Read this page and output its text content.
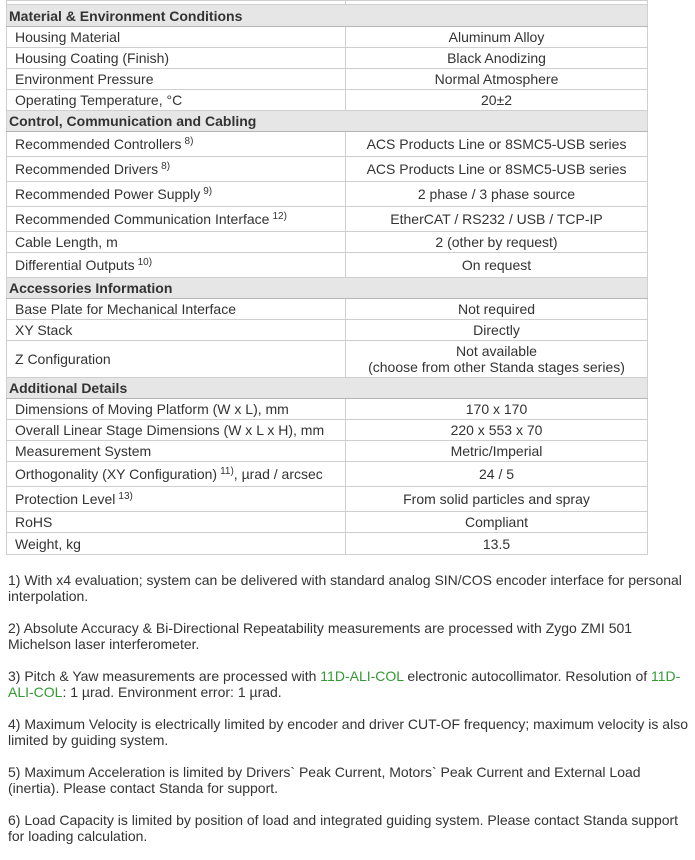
Material & Environment Conditions	
Housing Material	Aluminum Alloy
Housing Coating (Finish)	Black Anodizing
Environment Pressure	Normal Atmosphere
Operating Temperature, °C	20±2
Control, Communication and Cabling	
Recommended Controllers $^{8)}$	ACS Products Line or 8SMC5-USB series
Recommended Drivers $^{8)}$	ACS Products Line or 8SMC5-USB series
Recommended Power Supply $^{9)}$	2 phase / 3 phase source
Recommended Communication Interface $^{12)}$	EtherCAT / RS232 / USB / TCP-IP
Cable Length, m	2 (other by request)
Differential Outputs $^{10)}$	On request
Accessories Information	
Base Plate for Mechanical Interface	Not required
XY Stack	Directly
Z Configuration	Not available
(choose from other Standa stages series)

Additional Details	
Dimensions of Moving Platform (W x L), mm	170 x 170
Overall Linear Stage Dimensions (W x L x H), mm	220 x 553 x 70
Measurement System	Metric/Imperial
Orthogonality (XY Configuration) $^{11)}$, µrad / arcsec	24 / 5
Protection Level $^{13)}$	From solid particles and spray
RoHS	Compliant
Weight, kg	13.5

1) With x4 evaluation; system can be delivered with standard analog SIN/COS encoder interface for personal interpolation.

2) Absolute Accuracy & Bi-Directional Repeatability measurements are processed with Zygo ZMI 501 Michelson laser interferometer.

3) Pitch & Yaw measurements are processed with 11D-ALI-COL electronic autocollimator. Resolution of 11D-ALI-COL: 1 µrad. Environment error: 1 µrad.

4) Maximum Velocity is electrically limited by encoder and driver CUT-OF frequency; maximum velocity is also limited by guiding system.

5) Maximum Acceleration is limited by Drivers` Peak Current, Motors` Peak Current and External Load (inertia). Please contact Standa for support.

6) Load Capacity is limited by position of load and integrated guiding system. Please contact Standa support for loading calculation.
